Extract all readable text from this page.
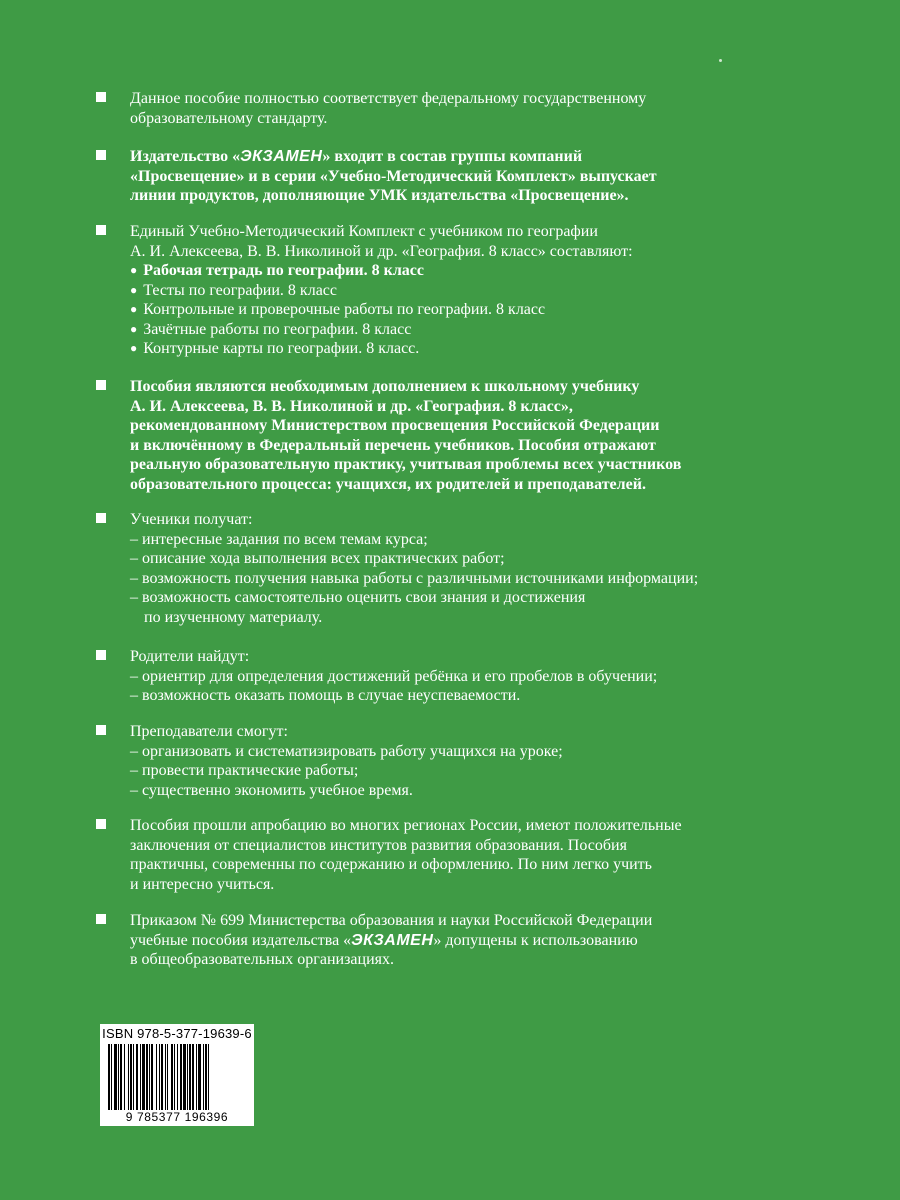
Данное пособие полностью соответствует федеральному государственному
образовательному стандарту.
Издательство «ЭКЗАМЕН» входит в состав группы компаний
«Просвещение» и в серии «Учебно-Методический Комплект» выпускает
линии продуктов, дополняющие УМК издательства «Просвещение».
Единый Учебно-Методический Комплект с учебником по географии
А. И. Алексеева, В. В. Николиной и др. «География. 8 класс» составляют:
● Рабочая тетрадь по географии. 8 класс
● Тесты по географии. 8 класс
● Контрольные и проверочные работы по географии. 8 класс
● Зачётные работы по географии. 8 класс
● Контурные карты по географии. 8 класс.
Пособия являются необходимым дополнением к школьному учебнику
А. И. Алексеева, В. В. Николиной и др. «География. 8 класс»,
рекомендованному Министерством просвещения Российской Федерации
и включённому в Федеральный перечень учебников. Пособия отражают
реальную образовательную практику, учитывая проблемы всех участников
образовательного процесса: учащихся, их родителей и преподавателей.
Ученики получат:
– интересные задания по всем темам курса;
– описание хода выполнения всех практических работ;
– возможность получения навыка работы с различными источниками информации;
– возможность самостоятельно оценить свои знания и достижения
по изученному материалу.
Родители найдут:
– ориентир для определения достижений ребёнка и его пробелов в обучении;
– возможность оказать помощь в случае неуспеваемости.
Преподаватели смогут:
– организовать и систематизировать работу учащихся на уроке;
– провести практические работы;
– существенно экономить учебное время.
Пособия прошли апробацию во многих регионах России, имеют положительные
заключения от специалистов институтов развития образования. Пособия
практичны, современны по содержанию и оформлению. По ним легко учить
и интересно учиться.
Приказом № 699 Министерства образования и науки Российской Федерации
учебные пособия издательства «ЭКЗАМЕН» допущены к использованию
в общеобразовательных организациях.
ISBN 978-5-377-19639-6
9 785377 196396
